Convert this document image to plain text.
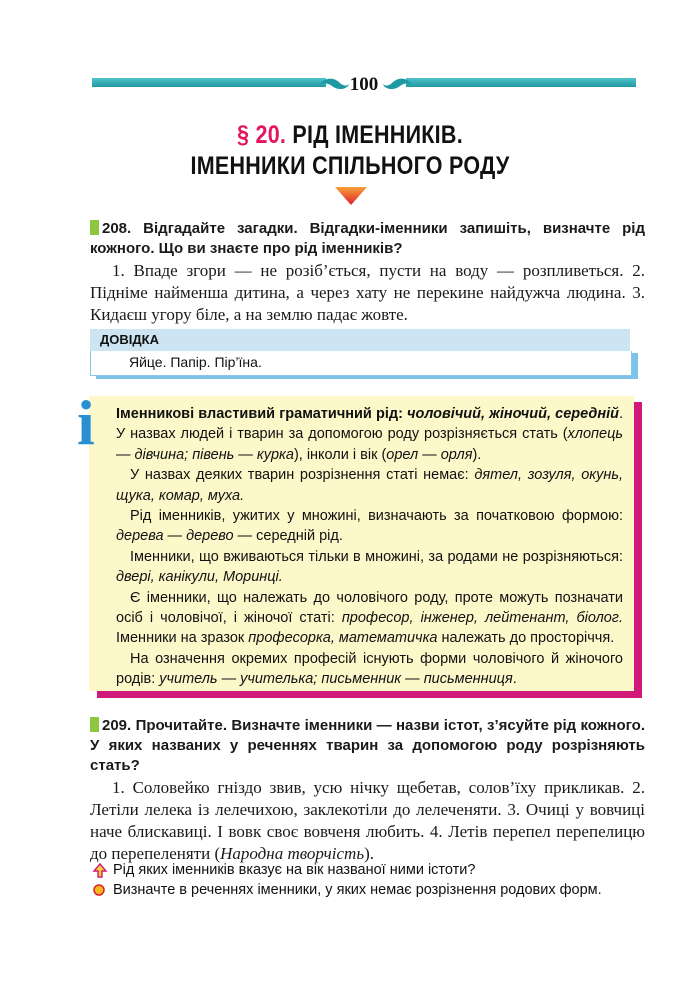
100
§ 20. РІД ІМЕННИКІВ.
ІМЕННИКИ СПІЛЬНОГО РОДУ
208. Відгадайте загадки. Відгадки-іменники запишіть, визначте рід кожного. Що ви знаєте про рід іменників?

1. Впаде згори — не розіб’ється, пусти на воду — розпливеться. 2. Підніме найменша дитина, а через хату не перекине найдужча людина. 3. Кидаєш угору біле, а на землю падає жовте.

ДОВІДКА
Яйце. Папір. Пір’їна.
i Іменникові властивий граматичний рід: чоловічий, жіночий, середній. У назвах людей і тварин за допомогою роду розрізняється стать (хлопець — дівчина; півень — курка), інколи і вік (орел — орля).

У назвах деяких тварин розрізнення статі немає: дятел, зозуля, окунь, щука, комар, муха.

Рід іменників, ужитих у множині, визначають за початковою формою: дерева — дерево — середній рід.

Іменники, що вживаються тільки в множині, за родами не розрізняються: двері, канікули, Моринці.

Є іменники, що належать до чоловічого роду, проте можуть позначати осіб і чоловічої, і жіночої статі: професор, інженер, лейтенант, біолог. Іменники на зразок професорка, математичка належать до просторіччя.

На означення окремих професій існують форми чоловічого й жіночого родів: учитель — учителька; письменник — письменниця.

209. Прочитайте. Визначте іменники — назви істот, з’ясуйте рід кожного. У яких названих у реченнях тварин за допомогою роду розрізняють стать?

1. Соловейко гніздо звив, усю нічку щебетав, солов’їху прикликав. 2. Летіли лелека із лелечихою, заклекотіли до лелеченяти. 3. Очиці у вовчиці наче блискавиці. І вовк своє вовченя любить. 4. Летів перепел перепелицю до перепеленяти (Народна творчість).

Рід яких іменників вказує на вік названої ними істоти?
Визначте в реченнях іменники, у яких немає розрізнення родових форм.
